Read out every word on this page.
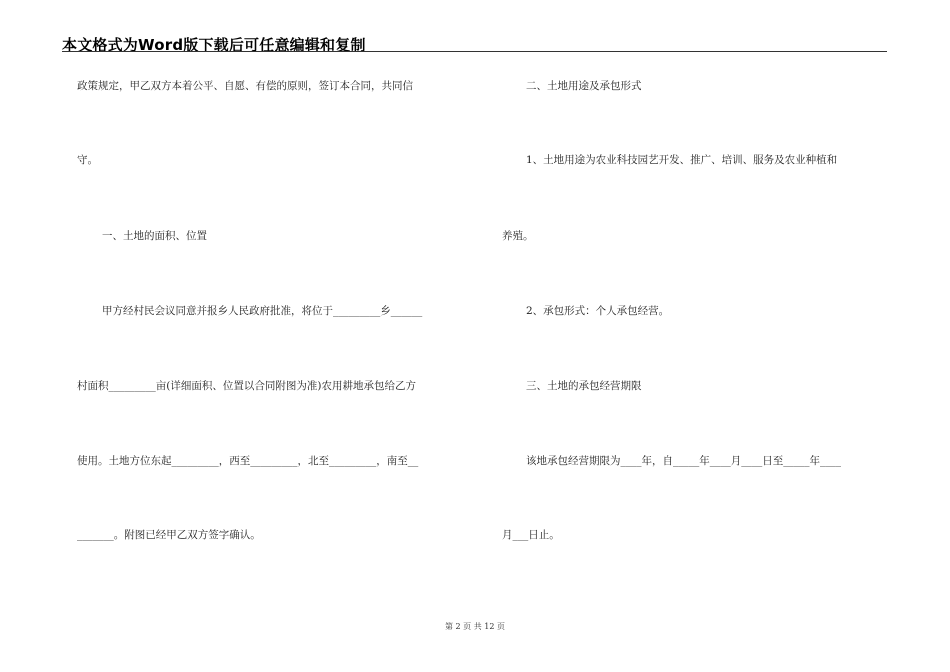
本文格式为Word版下载后可任意编辑和复制
政策规定，甲乙双方本着公平、自愿、有偿的原则，签订本合同，共同信
守。
一、土地的面积、位置
甲方经村民会议同意并报乡人民政府批准，将位于_________乡______
村面积_________亩(详细面积、位置以合同附图为准)农用耕地承包给乙方
使用。土地方位东起_________，西至_________，北至_________，南至__
_______。附图已经甲乙双方签字确认。
二、土地用途及承包形式
1、土地用途为农业科技园艺开发、推广、培训、服务及农业种植和
养殖。
2、承包形式：个人承包经营。
三、土地的承包经营期限
该地承包经营期限为____年，自_____年____月____日至_____年____
月___日止。
第 2 页 共 12 页
